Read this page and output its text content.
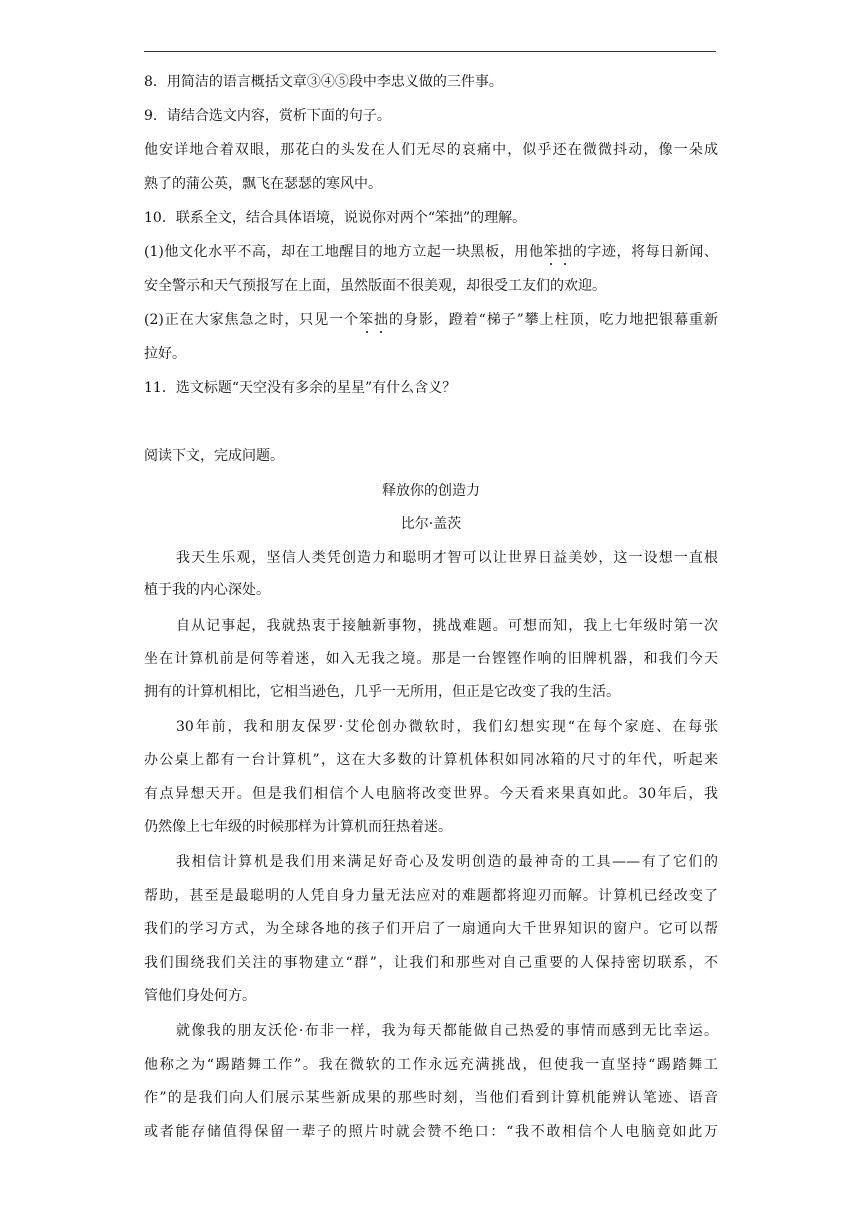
8．用简洁的语言概括文章③④⑤段中李忠义做的三件事。
9．请结合选文内容，赏析下面的句子。
他安详地合着双眼，那花白的头发在人们无尽的哀痛中，似乎还在微微抖动，像一朵成
熟了的蒲公英，飘飞在瑟瑟的寒风中。
10．联系全文，结合具体语境，说说你对两个“笨拙”的理解。
(1)他文化水平不高，却在工地醒目的地方立起一块黑板，用他笨拙的字迹，将每日新闻、
安全警示和天气预报写在上面，虽然版面不很美观，却很受工友们的欢迎。
(2)正在大家焦急之时，只见一个笨拙的身影，蹬着“梯子”攀上柱顶，吃力地把银幕重新
拉好。
11．选文标题“天空没有多余的星星”有什么含义？
阅读下文，完成问题。
释放你的创造力
比尔·盖茨
我天生乐观，坚信人类凭创造力和聪明才智可以让世界日益美妙，这一设想一直根
植于我的内心深处。
自从记事起，我就热衷于接触新事物，挑战难题。可想而知，我上七年级时第一次
坐在计算机前是何等着迷，如入无我之境。那是一台铿铿作响的旧牌机器，和我们今天
拥有的计算机相比，它相当逊色，几乎一无所用，但正是它改变了我的生活。
30年前，我和朋友保罗·艾伦创办微软时，我们幻想实现“在每个家庭、在每张
办公桌上都有一台计算机”，这在大多数的计算机体积如同冰箱的尺寸的年代，听起来
有点异想天开。但是我们相信个人电脑将改变世界。今天看来果真如此。30年后，我
仍然像上七年级的时候那样为计算机而狂热着迷。
我相信计算机是我们用来满足好奇心及发明创造的最神奇的工具——有了它们的
帮助，甚至是最聪明的人凭自身力量无法应对的难题都将迎刃而解。计算机已经改变了
我们的学习方式，为全球各地的孩子们开启了一扇通向大千世界知识的窗户。它可以帮
我们围绕我们关注的事物建立“群”，让我们和那些对自己重要的人保持密切联系，不
管他们身处何方。
就像我的朋友沃伦·布非一样，我为每天都能做自己热爱的事情而感到无比幸运。
他称之为“踢踏舞工作”。我在微软的工作永远充满挑战，但使我一直坚持“踢踏舞工
作”的是我们向人们展示某些新成果的那些时刻，当他们看到计算机能辨认笔迹、语音
或者能存储值得保留一辈子的照片时就会赞不绝口：“我不敢相信个人电脑竟如此万
